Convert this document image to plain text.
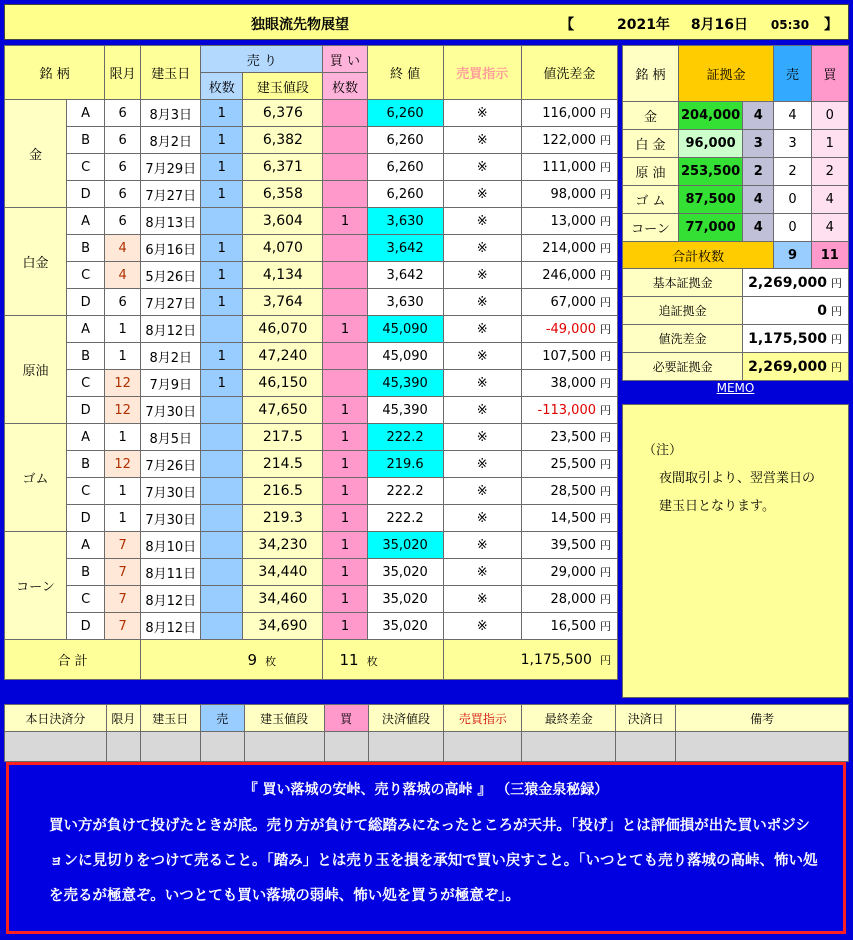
独眼流先物展望	【	2021年 8月16日 05:30 】
銘 柄		限月	建玉日	売 り		買 い	終 値	売買指示	値洗差金
				枚数	建玉値段	枚数			
金	A	6	8月3日	1	6,376		6,260	※	116,000 円
	B	6	8月2日	1	6,382		6,260	※	122,000 円
	C	6	7月29日	1	6,371		6,260	※	111,000 円
	D	6	7月27日	1	6,358		6,260	※	98,000 円
白金	A	6	8月13日		3,604	1	3,630	※	13,000 円
	B	4	6月16日	1	4,070		3,642	※	214,000 円
	C	4	5月26日	1	4,134		3,642	※	246,000 円
	D	6	7月27日	1	3,764		3,630	※	67,000 円
原油	A	1	8月12日		46,070	1	45,090	※	-49,000 円
	B	1	8月2日	1	47,240		45,090	※	107,500 円
	C	12	7月9日	1	46,150		45,390	※	38,000 円
	D	12	7月30日		47,650	1	45,390	※	-113,000 円
ゴム	A	1	8月5日		217.5	1	222.2	※	23,500 円
	B	12	7月26日		214.5	1	219.6	※	25,500 円
	C	1	7月30日		216.5	1	222.2	※	28,500 円
	D	1	7月30日		219.3	1	222.2	※	14,500 円
コーン	A	7	8月10日		34,230	1	35,020	※	39,500 円
	B	7	8月11日		34,440	1	35,020	※	29,000 円
	C	7	8月12日		34,460	1	35,020	※	28,000 円
	D	7	8月12日		34,690	1	35,020	※	16,500 円
合 計			9 枚			11 枚		1,175,500 円	
銘 柄	証拠金		売	買
金	204,000	4	4	0
白 金	96,000	3	3	1
原 油	253,500	2	2	2
ゴ ム	87,500	4	0	4
コーン	77,000	4	0	4
合計枚数			9	11
基本証拠金		2,269,000 円		
追証拠金		0 円		
値洗差金		1,175,500 円		
必要証拠金		2,269,000 円		
MEMO
（注）
夜間取引より、翌営業日の
建玉日となります。
本日決済分	限月	建玉日	売	建玉値段	買	決済値段	売買指示	最終差金	決済日	備考

『 買い落城の安峠、売り落城の高峠 』 （三猿金泉秘録）
買い方が負けて投げたときが底。売り方が負けて総踏みになったところが天井。「投げ」とは評価損が出た買いポジションに見切りをつけて売ること。「踏み」とは売り玉を損を承知で買い戻すこと。「いつとても売り落城の高峠、怖い処を売るが極意ぞ。いつとても買い落城の弱峠、怖い処を買うが極意ぞ」。
